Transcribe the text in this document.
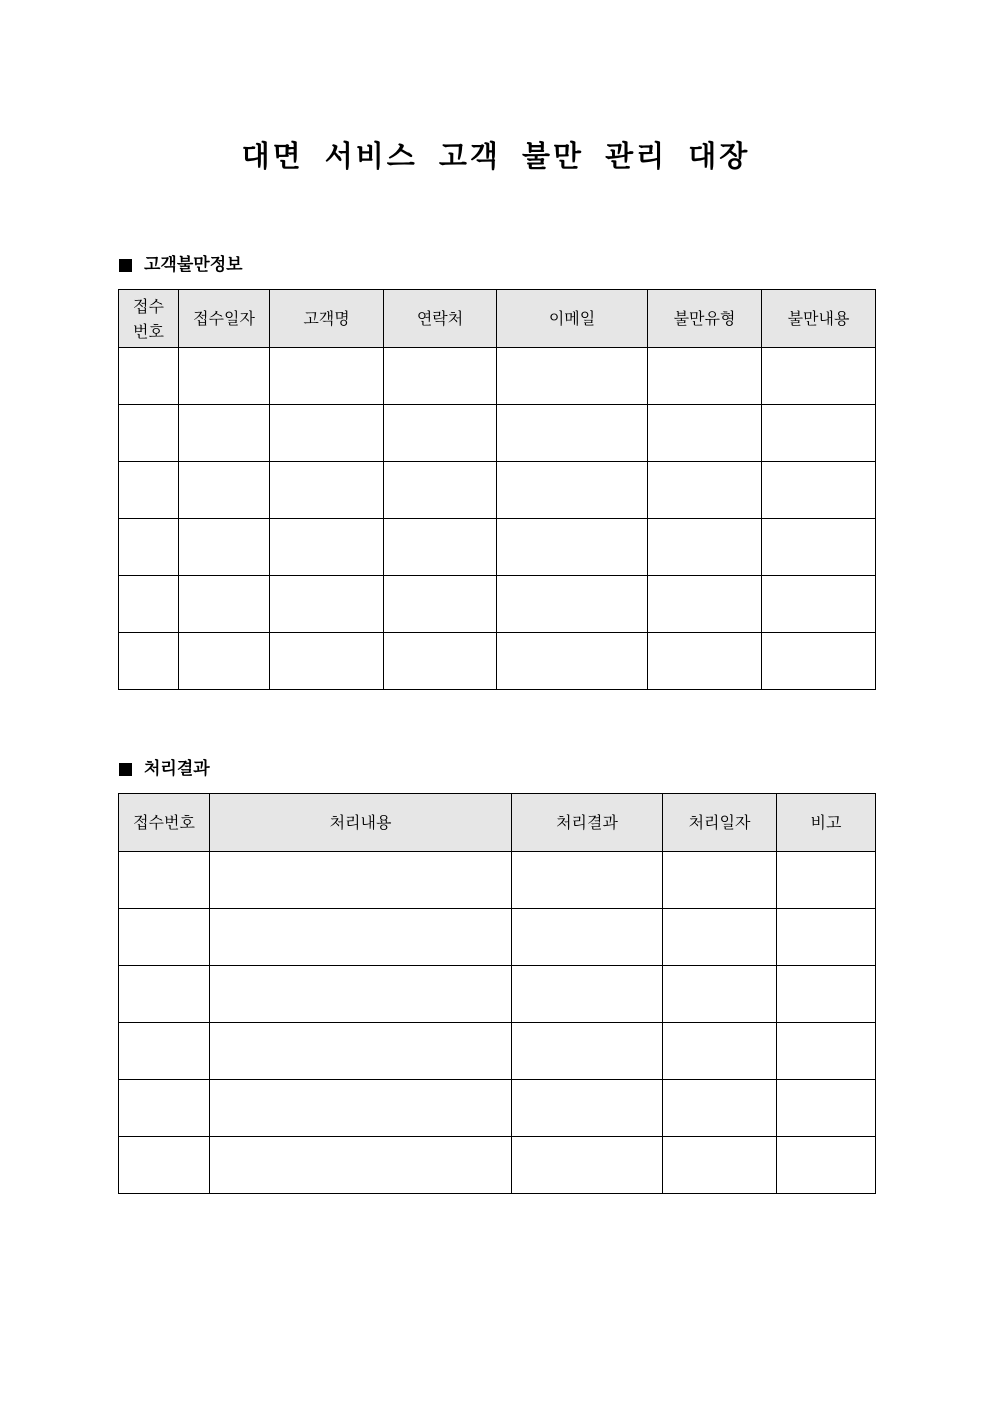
대면 서비스 고객 불만 관리 대장
고객불만정보
접수 번호	접수일자	고객명	연락처	이메일	불만유형	불만내용

처리결과
접수번호	처리내용	처리결과	처리일자	비고
